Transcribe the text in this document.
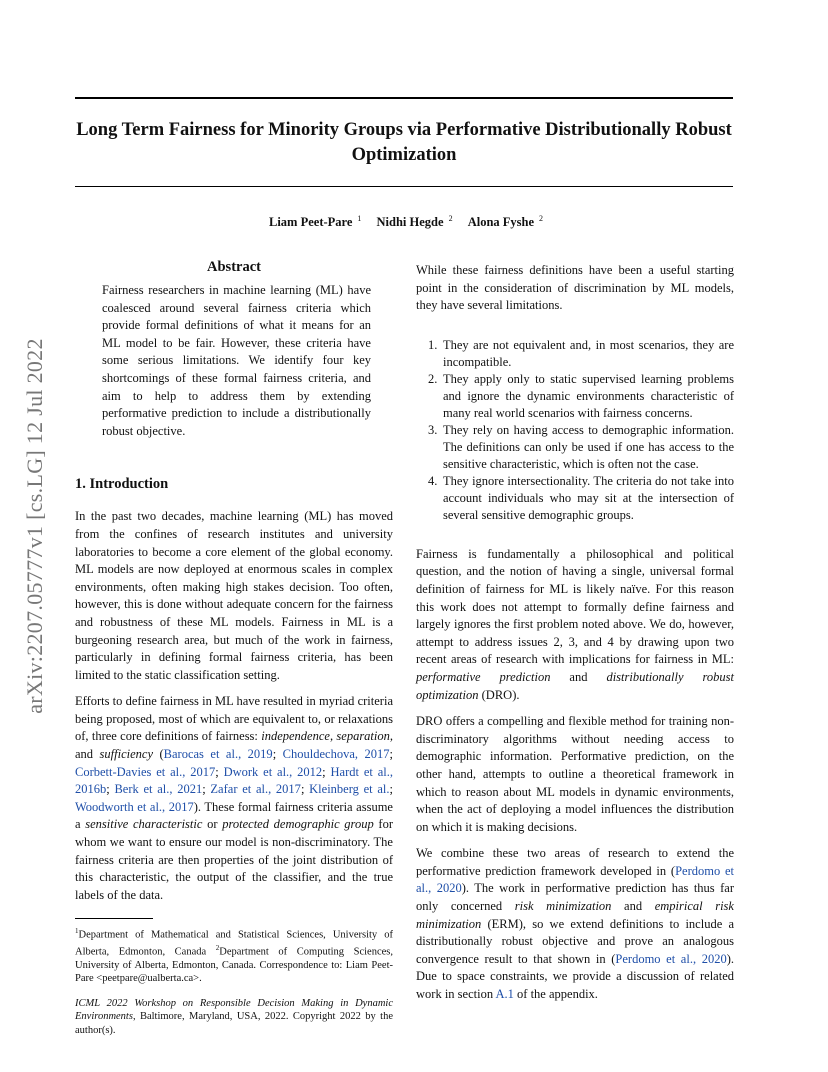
Long Term Fairness for Minority Groups via Performative Distributionally Robust Optimization
Liam Peet-Pare $^1$ Nidhi Hegde $^2$ Alona Fyshe $^2$
arXiv:2207.05777v1 [cs.LG] 12 Jul 2022
Abstract

Fairness researchers in machine learning (ML) have coalesced around several fairness criteria which provide formal definitions of what it means for an ML model to be fair. However, these criteria have some serious limitations. We identify four key shortcomings of these formal fairness criteria, and aim to help to address them by extending performative prediction to include a distributionally robust objective.

1. Introduction

In the past two decades, machine learning (ML) has moved from the confines of research institutes and university laboratories to become a core element of the global economy. ML models are now deployed at enormous scales in complex environments, often making high stakes decision. Too often, however, this is done without adequate concern for the fairness and robustness of these ML models. Fairness in ML is a burgeoning research area, but much of the work in fairness, particularly in defining formal fairness criteria, has been limited to the static classification setting.

Efforts to define fairness in ML have resulted in myriad criteria being proposed, most of which are equivalent to, or relaxations of, three core definitions of fairness: independence, separation, and sufficiency (Barocas et al., 2019; Chouldechova, 2017; Corbett-Davies et al., 2017; Dwork et al., 2012; Hardt et al., 2016b; Berk et al., 2021; Zafar et al., 2017; Kleinberg et al.; Woodworth et al., 2017). These formal fairness criteria assume a sensitive characteristic or protected demographic group for whom we want to ensure our model is non-discriminatory. The fairness criteria are then properties of the joint distribution of this characteristic, the output of the classifier, and the true labels of the data.

$^1$Department of Mathematical and Statistical Sciences, University of Alberta, Edmonton, Canada $^2$Department of Computing Sciences, University of Alberta, Edmonton, Canada. Correspondence to: Liam Peet-Pare <peetpare@ualberta.ca>.

ICML 2022 Workshop on Responsible Decision Making in Dynamic Environments, Baltimore, Maryland, USA, 2022. Copyright 2022 by the author(s).

While these fairness definitions have been a useful starting point in the consideration of discrimination by ML models, they have several limitations.

1. They are not equivalent and, in most scenarios, they are incompatible.
2. They apply only to static supervised learning problems and ignore the dynamic environments characteristic of many real world scenarios with fairness concerns.
3. They rely on having access to demographic information. The definitions can only be used if one has access to the sensitive characteristic, which is often not the case.
4. They ignore intersectionality. The criteria do not take into account individuals who may sit at the intersection of several sensitive demographic groups.

Fairness is fundamentally a philosophical and political question, and the notion of having a single, universal formal definition of fairness for ML is likely naïve. For this reason this work does not attempt to formally define fairness and largely ignores the first problem noted above. We do, however, attempt to address issues 2, 3, and 4 by drawing upon two recent areas of research with implications for fairness in ML: performative prediction and distributionally robust optimization (DRO).

DRO offers a compelling and flexible method for training non-discriminatory algorithms without needing access to demographic information. Performative prediction, on the other hand, attempts to outline a theoretical framework in which to reason about ML models in dynamic environments, when the act of deploying a model influences the distribution on which it is making decisions.

We combine these two areas of research to extend the performative prediction framework developed in (Perdomo et al., 2020). The work in performative prediction has thus far only concerned risk minimization and empirical risk minimization (ERM), so we extend definitions to include a distributionally robust objective and prove an analogous convergence result to that shown in (Perdomo et al., 2020). Due to space constraints, we provide a discussion of related work in section A.1 of the appendix.
